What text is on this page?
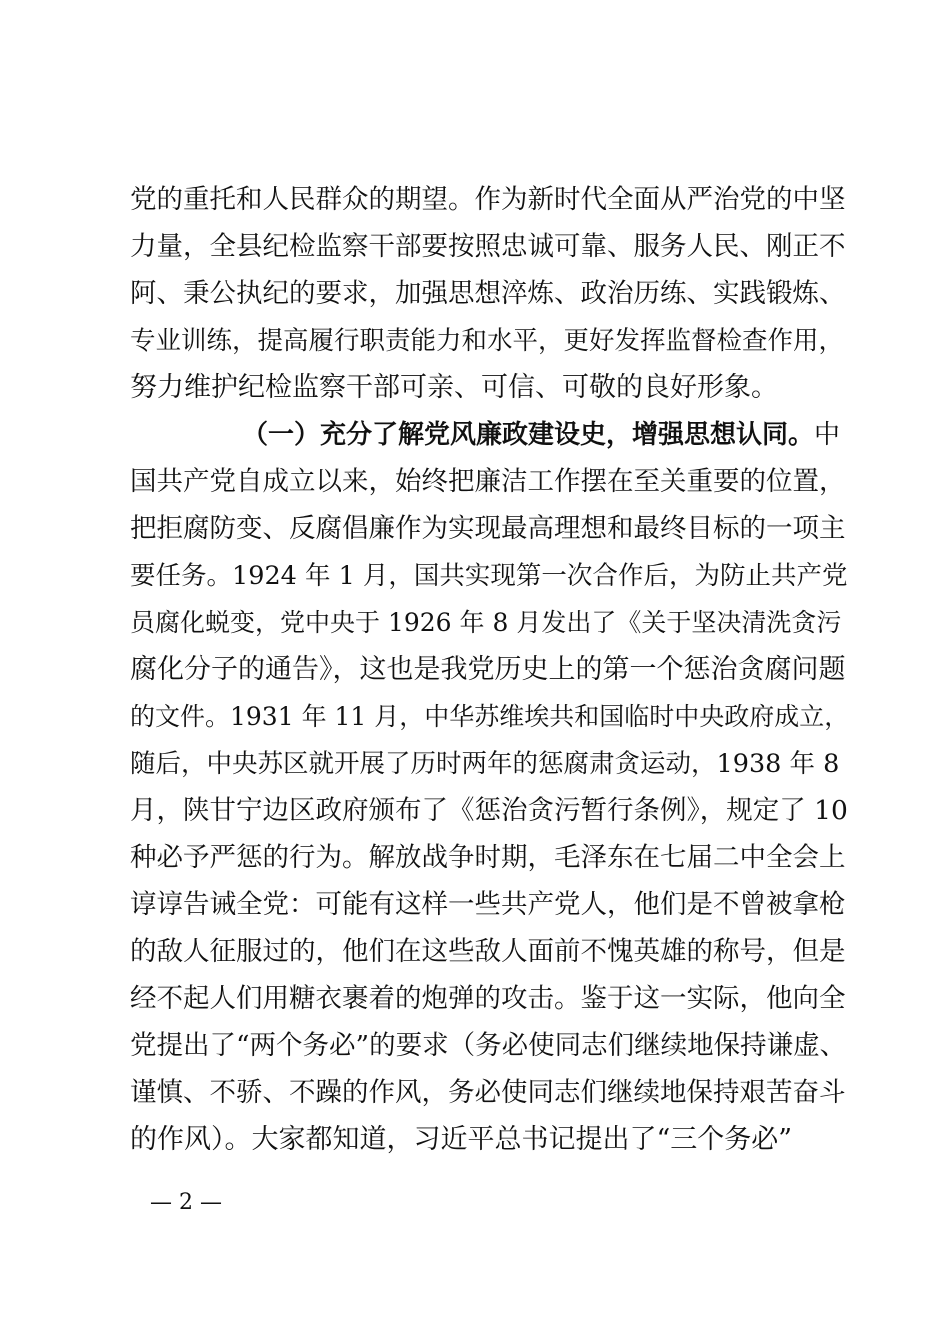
党的重托和人民群众的期望。作为新时代全面从严治党的中坚
力量，全县纪检监察干部要按照忠诚可靠、服务人民、刚正不
阿、秉公执纪的要求，加强思想淬炼、政治历练、实践锻炼、
专业训练，提高履行职责能力和水平，更好发挥监督检查作用，
努力维护纪检监察干部可亲、可信、可敬的良好形象。
（一）充分了解党风廉政建设史，增强思想认同。中
国共产党自成立以来，始终把廉洁工作摆在至关重要的位置，
把拒腐防变、反腐倡廉作为实现最高理想和最终目标的一项主
要任务。1924 年 1 月，国共实现第一次合作后，为防止共产党
员腐化蜕变，党中央于 1926 年 8 月发出了《关于坚决清洗贪污
腐化分子的通告》，这也是我党历史上的第一个惩治贪腐问题
的文件。1931 年 11 月，中华苏维埃共和国临时中央政府成立，
随后，中央苏区就开展了历时两年的惩腐肃贪运动，1938 年 8
月，陕甘宁边区政府颁布了《惩治贪污暂行条例》，规定了 10
种必予严惩的行为。解放战争时期，毛泽东在七届二中全会上
谆谆告诫全党：可能有这样一些共产党人，他们是不曾被拿枪
的敌人征服过的，他们在这些敌人面前不愧英雄的称号，但是
经不起人们用糖衣裹着的炮弹的攻击。鉴于这一实际，他向全
党提出了“两个务必”的要求（务必使同志们继续地保持谦虚、
谨慎、不骄、不躁的作风，务必使同志们继续地保持艰苦奋斗
的作风）。大家都知道，习近平总书记提出了“三个务必”
— 2 —
